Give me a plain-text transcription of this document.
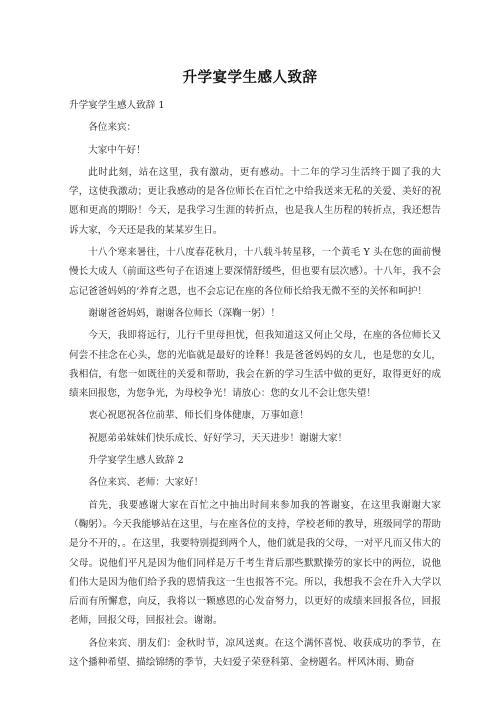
升学宴学生感人致辞

升学宴学生感人致辞 1

各位来宾：

大家中午好！

此时此刻，站在这里，我有激动，更有感动。十二年的学习生活终于圆了我的大学，这使我激动；更让我感动的是各位师长在百忙之中给我送来无私的关爱、美好的祝愿和更高的期盼！今天，是我学习生涯的转折点，也是我人生历程的转折点，我还想告诉大家，今天还是我的某某岁生日。

十八个寒来暑往，十八度春花秋月，十八载斗转星移，一个黄毛 Y 头在您的面前慢慢长大成人（前面这些句子在语速上要深情舒缓些，但也要有层次感）。十八年，我不会忘记爸爸妈妈的‘养育之恩，也不会忘记在座的各位师长给我无微不至的关怀和呵护！

谢谢爸爸妈妈，谢谢各位师长（深鞠一躬）！

今天，我即将远行，儿行千里母担忧，但我知道这又何止父母，在座的各位师长又何尝不挂念在心头，您的光临就是最好的诠释！我是爸爸妈妈的女儿，也是您的女儿，我相信，有您一如既往的关爱和帮助，我会在新的学习生活中做的更好，取得更好的成绩来回报您，为您争光，为母校争光！请放心：您的女儿不会让您失望！

衷心祝愿祝各位前辈、师长们身体健康，万事如意！

祝愿弟弟妹妹们快乐成长、好好学习，天天进步！谢谢大家！

升学宴学生感人致辞 2

各位来宾、老师：大家好！

首先，我要感谢大家在百忙之中抽出时间来参加我的答谢宴，在这里我谢谢大家（鞠躬）。今天我能够站在这里，与在座各位的支持，学校老师的教导，班级同学的帮助是分不开的，。在这里，我要特别提到两个人，他们就是我的父母，一对平凡而又伟大的父母。说他们平凡是因为他们同样是万千考生背后那些默默操劳的家长中的两位，说他们伟大是因为他们给予我的恩情我这一生也报答不完。所以，我想我不会在升入大学以后而有所懈怠，向反，我将以一颗感恩的心发奋努力，以更好的成绩来回报各位，回报老师，回报父母，回报社会。谢谢。

各位来宾、朋友们：金秋时节，凉风送爽。在这个满怀喜悦、收获成功的季节，在这个播种希望、描绘锦绣的季节，夫妇爱子荣登科第、金榜题名。枰风沐雨、勤奋
